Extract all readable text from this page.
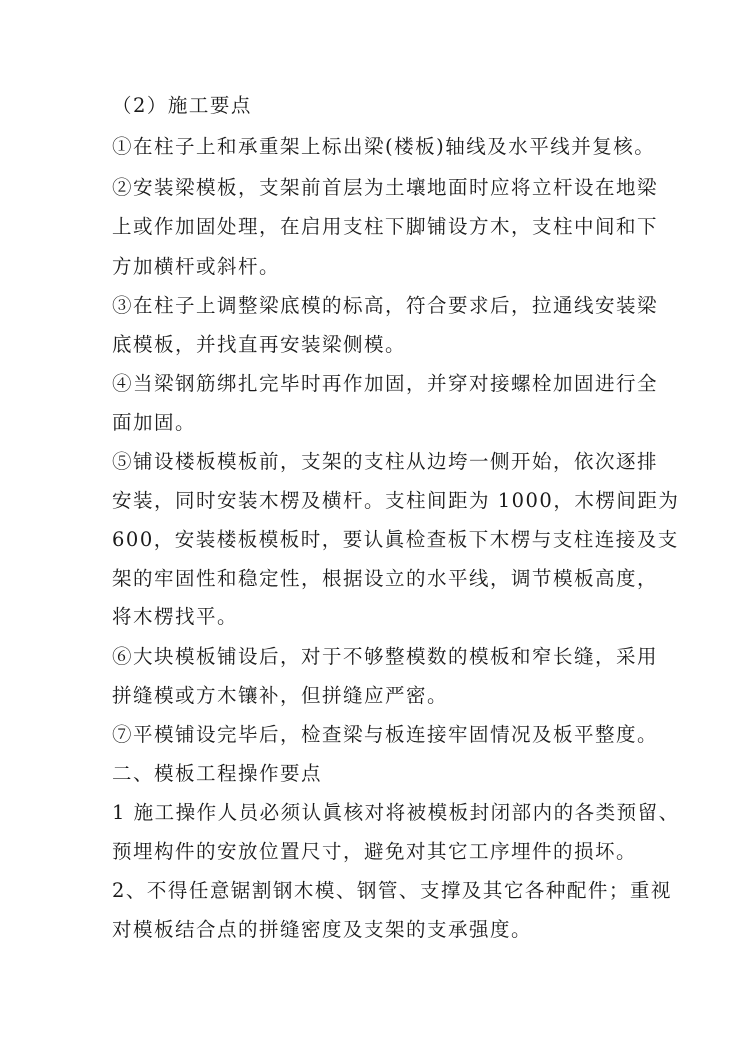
（2）施工要点
①在柱子上和承重架上标出梁(楼板)轴线及水平线并复核。
②安装梁模板，支架前首层为土壤地面时应将立杆设在地梁
上或作加固处理，在启用支柱下脚铺设方木，支柱中间和下
方加横杆或斜杆。
③在柱子上调整梁底模的标高，符合要求后，拉通线安装梁
底模板，并找直再安装梁侧模。
④当梁钢筋绑扎完毕时再作加固，并穿对接螺栓加固进行全
面加固。
⑤铺设楼板模板前，支架的支柱从边垮一侧开始，依次逐排
安装，同时安装木楞及横杆。支柱间距为 1000，木楞间距为
600，安装楼板模板时，要认眞检查板下木楞与支柱连接及支
架的牢固性和稳定性，根据设立的水平线，调节模板高度，
将木楞找平。
⑥大块模板铺设后，对于不够整模数的模板和窄长缝，采用
拼缝模或方木镶补，但拼缝应严密。
⑦平模铺设完毕后，检查梁与板连接牢固情况及板平整度。
二、模板工程操作要点
1 施工操作人员必须认眞核对将被模板封闭部内的各类预留、
预埋构件的安放位置尺寸，避免对其它工序埋件的损坏。
2、不得任意锯割钢木模、钢管、支撑及其它各种配件；重视
对模板结合点的拼缝密度及支架的支承强度。
